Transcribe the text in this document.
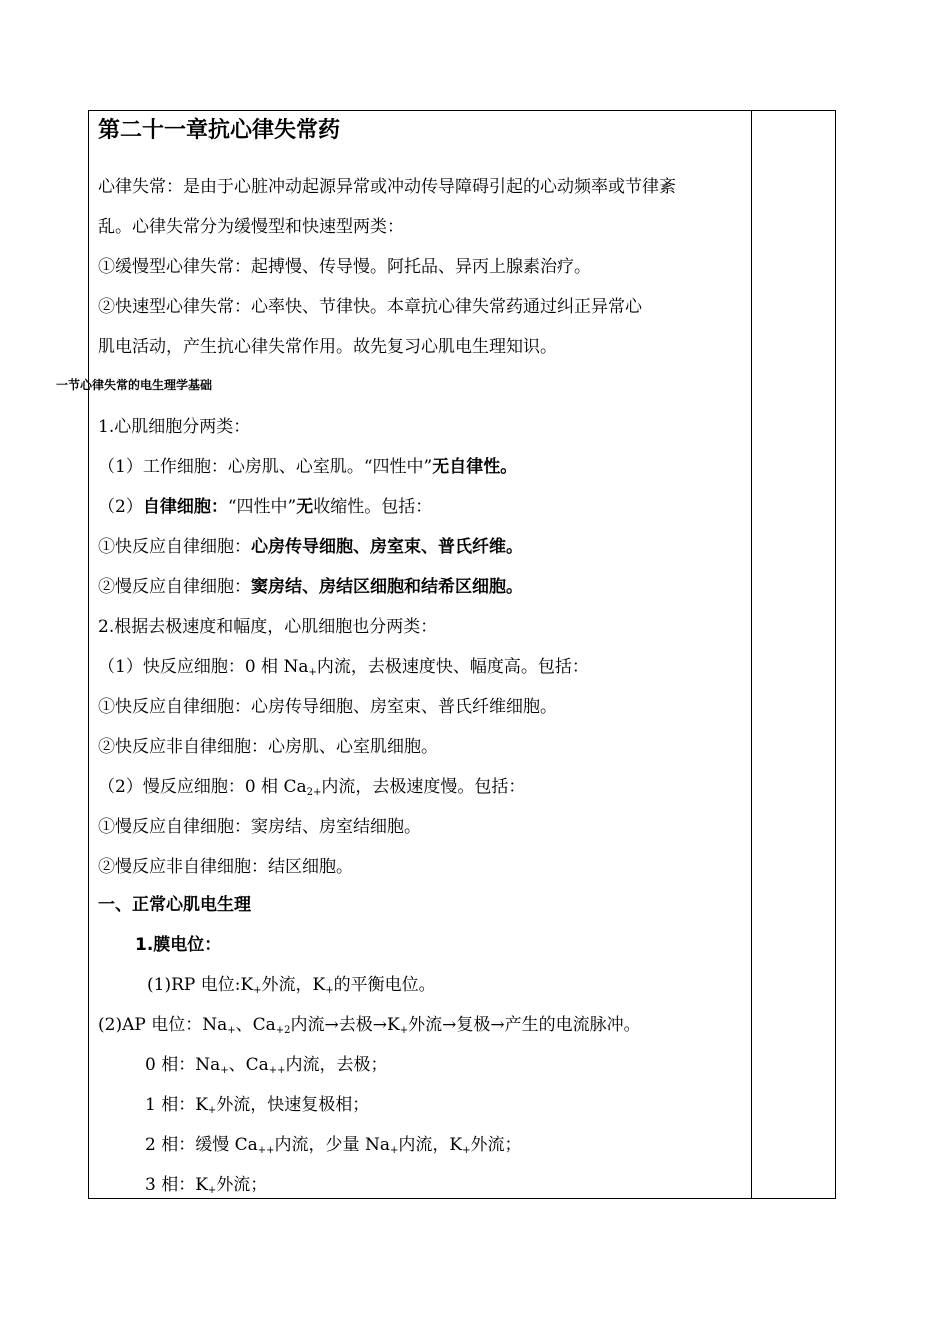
第二十一章抗心律失常药
心律失常：是由于心脏冲动起源异常或冲动传导障碍引起的心动频率或节律紊
乱。心律失常分为缓慢型和快速型两类：
①缓慢型心律失常：起搏慢、传导慢。阿托品、异丙上腺素治疗。
②快速型心律失常：心率快、节律快。本章抗心律失常药通过纠正异常心
肌电活动，产生抗心律失常作用。故先复习心肌电生理知识。
一节心律失常的电生理学基础
1.心肌细胞分两类：
（1）工作细胞：心房肌、心室肌。“四性中”无自律性。
（2）自律细胞：“四性中”无收缩性。包括：
①快反应自律细胞：心房传导细胞、房室束、普氏纤维。
②慢反应自律细胞：窦房结、房结区细胞和结希区细胞。
2.根据去极速度和幅度，心肌细胞也分两类：
（1）快反应细胞：0 相 Na+内流，去极速度快、幅度高。包括：
①快反应自律细胞：心房传导细胞、房室束、普氏纤维细胞。
②快反应非自律细胞：心房肌、心室肌细胞。
（2）慢反应细胞：0 相 Ca2+内流，去极速度慢。包括：
①慢反应自律细胞：窦房结、房室结细胞。
②慢反应非自律细胞：结区细胞。
一、正常心肌电生理
1.膜电位：
(1)RP 电位:K+外流，K+的平衡电位。
(2)AP 电位：Na+、Ca+2内流→去极→K+外流→复极→产生的电流脉冲。
0 相：Na+、Ca++内流，去极；
1 相：K+外流，快速复极相；
2 相：缓慢 Ca++内流，少量 Na+内流，K+外流；
3 相：K+外流；
